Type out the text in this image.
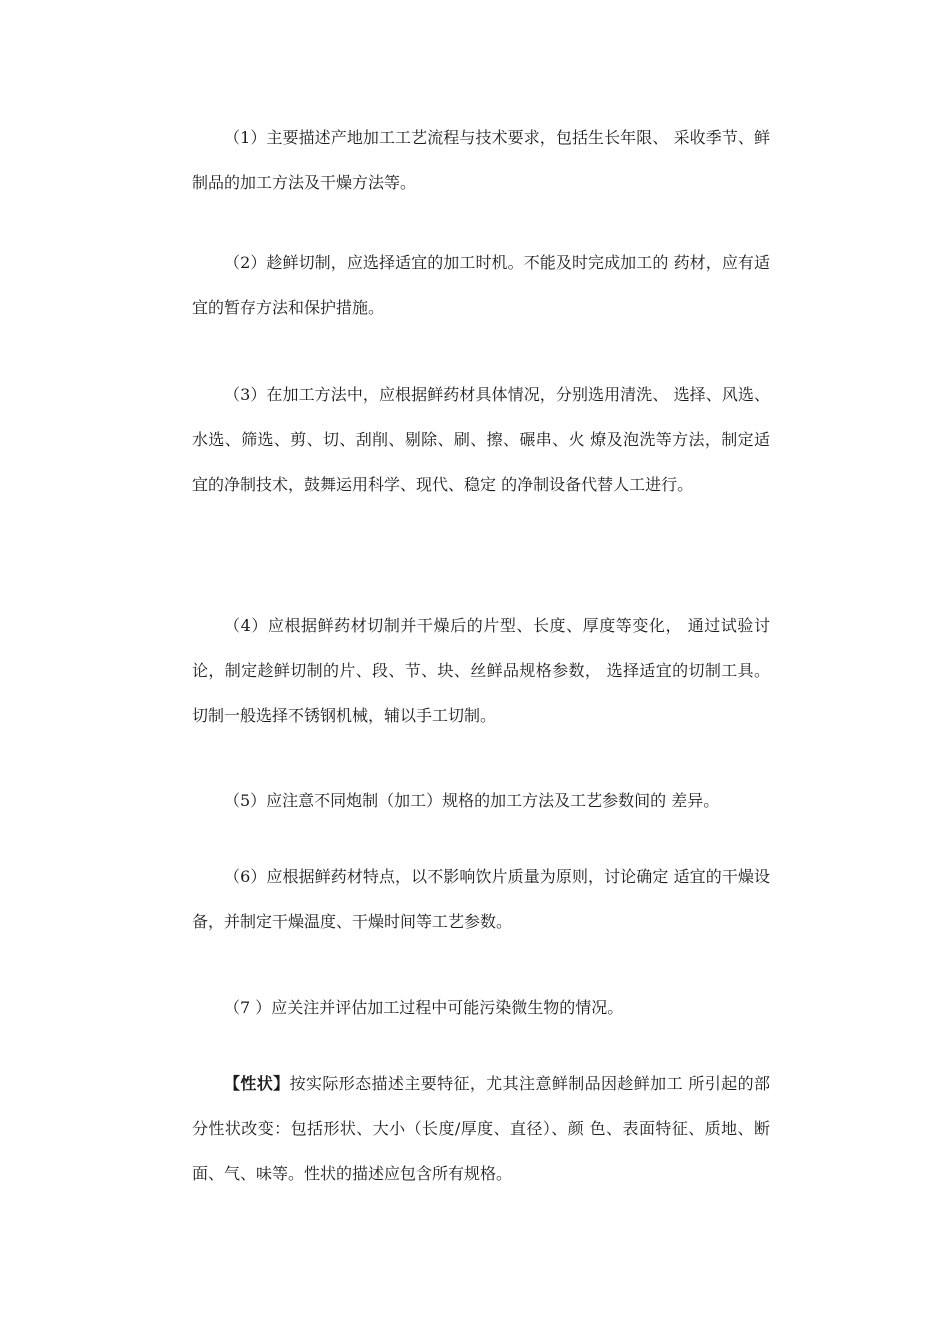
（1）主要描述产地加工工艺流程与技术要求，包括生长年限、 采收季节、鲜制品的加工方法及干燥方法等。

（2）趁鲜切制，应选择适宜的加工时机。不能及时完成加工的 药材，应有适宜的暂存方法和保护措施。

（3）在加工方法中，应根据鲜药材具体情况，分别选用清洗、 选择、风选、水选、筛选、剪、切、刮削、剔除、刷、擦、碾串、火 燎及泡洗等方法，制定适宜的净制技术，鼓舞运用科学、现代、稳定 的净制设备代替人工进行。

（4）应根据鲜药材切制并干燥后的片型、长度、厚度等变化， 通过试验讨论，制定趁鲜切制的片、段、节、块、丝鲜品规格参数， 选择适宜的切制工具。切制一般选择不锈钢机械，辅以手工切制。

（5）应注意不同炮制（加工）规格的加工方法及工艺参数间的 差异。

（6）应根据鲜药材特点，以不影响饮片质量为原则，讨论确定 适宜的干燥设备，并制定干燥温度、干燥时间等工艺参数。

（7 ）应关注并评估加工过程中可能污染微生物的情况。

【性状】按实际形态描述主要特征，尤其注意鲜制品因趁鲜加工 所引起的部分性状改变：包括形状、大小（长度/厚度、直径）、颜 色、表面特征、质地、断面、气、味等。性状的描述应包含所有规格。
